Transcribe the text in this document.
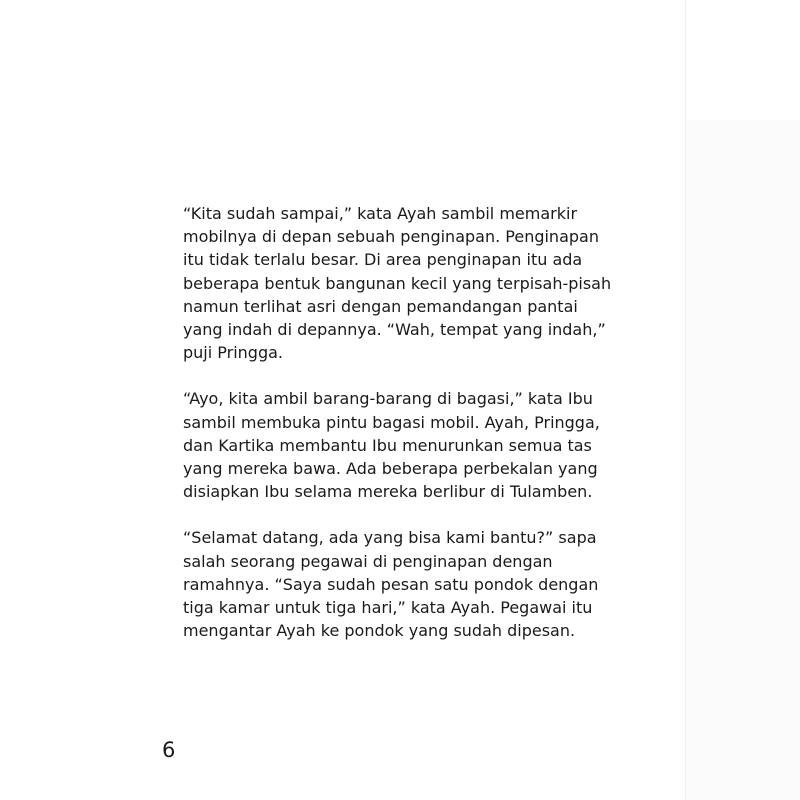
“Kita sudah sampai,” kata Ayah sambil memarkir
mobilnya di depan sebuah penginapan. Penginapan
itu tidak terlalu besar. Di area penginapan itu ada
beberapa bentuk bangunan kecil yang terpisah-pisah
namun terlihat asri dengan pemandangan pantai
yang indah di depannya. “Wah, tempat yang indah,”
puji Pringga.

“Ayo, kita ambil barang-barang di bagasi,” kata Ibu
sambil membuka pintu bagasi mobil. Ayah, Pringga,
dan Kartika membantu Ibu menurunkan semua tas
yang mereka bawa. Ada beberapa perbekalan yang
disiapkan Ibu selama mereka berlibur di Tulamben.

“Selamat datang, ada yang bisa kami bantu?” sapa
salah seorang pegawai di penginapan dengan
ramahnya. “Saya sudah pesan satu pondok dengan
tiga kamar untuk tiga hari,” kata Ayah. Pegawai itu
mengantar Ayah ke pondok yang sudah dipesan.

6
